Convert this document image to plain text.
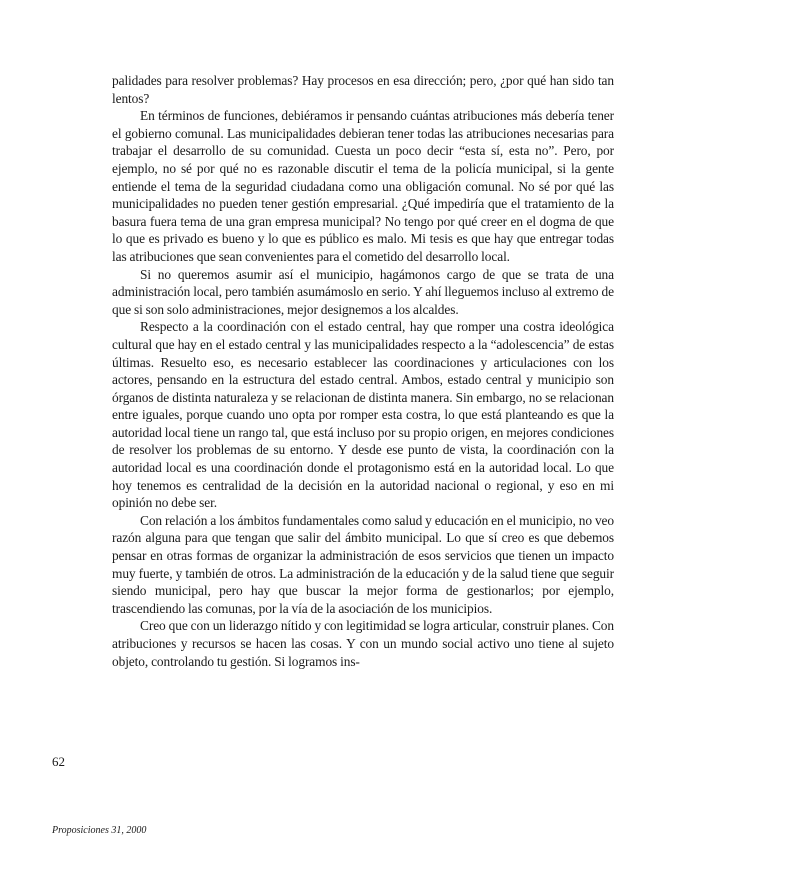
palidades para resolver problemas? Hay procesos en esa dirección; pero, ¿por qué han sido tan lentos?

En términos de funciones, debiéramos ir pensando cuántas atribuciones más debería tener el gobierno comunal. Las municipalidades debieran tener todas las atribuciones necesarias para trabajar el desarrollo de su comunidad. Cuesta un poco decir “esta sí, esta no”. Pero, por ejemplo, no sé por qué no es razonable discutir el tema de la policía municipal, si la gente entiende el tema de la seguridad ciudadana como una obligación comunal. No sé por qué las municipalidades no pueden tener gestión empresarial. ¿Qué impediría que el tratamiento de la basura fuera tema de una gran empresa municipal? No tengo por qué creer en el dogma de que lo que es privado es bueno y lo que es público es malo. Mi tesis es que hay que entregar todas las atribuciones que sean convenientes para el cometido del desarrollo local.

Si no queremos asumir así el municipio, hagámonos cargo de que se trata de una administración local, pero también asumámoslo en serio. Y ahí lleguemos incluso al extremo de que si son solo administraciones, mejor designemos a los alcaldes.

Respecto a la coordinación con el estado central, hay que romper una costra ideológica cultural que hay en el estado central y las municipalidades respecto a la “adolescencia” de estas últimas. Resuelto eso, es necesario establecer las coordinaciones y articulaciones con los actores, pensando en la estructura del estado central. Ambos, estado central y municipio son órganos de distinta naturaleza y se relacionan de distinta manera. Sin embargo, no se relacionan entre iguales, porque cuando uno opta por romper esta costra, lo que está planteando es que la autoridad local tiene un rango tal, que está incluso por su propio origen, en mejores condiciones de resolver los problemas de su entorno. Y desde ese punto de vista, la coordinación con la autoridad local es una coordinación donde el protagonismo está en la autoridad local. Lo que hoy tenemos es centralidad de la decisión en la autoridad nacional o regional, y eso en mi opinión no debe ser.

Con relación a los ámbitos fundamentales como salud y educación en el municipio, no veo razón alguna para que tengan que salir del ámbito municipal. Lo que sí creo es que debemos pensar en otras formas de organizar la administración de esos servicios que tienen un impacto muy fuerte, y también de otros. La administración de la educación y de la salud tiene que seguir siendo municipal, pero hay que buscar la mejor forma de gestionarlos; por ejemplo, trascendiendo las comunas, por la vía de la asociación de los municipios.

Creo que con un liderazgo nítido y con legitimidad se logra articular, construir planes. Con atribuciones y recursos se hacen las cosas. Y con un mundo social activo uno tiene al sujeto objeto, controlando tu gestión. Si logramos ins-

62
Proposiciones 31, 2000
